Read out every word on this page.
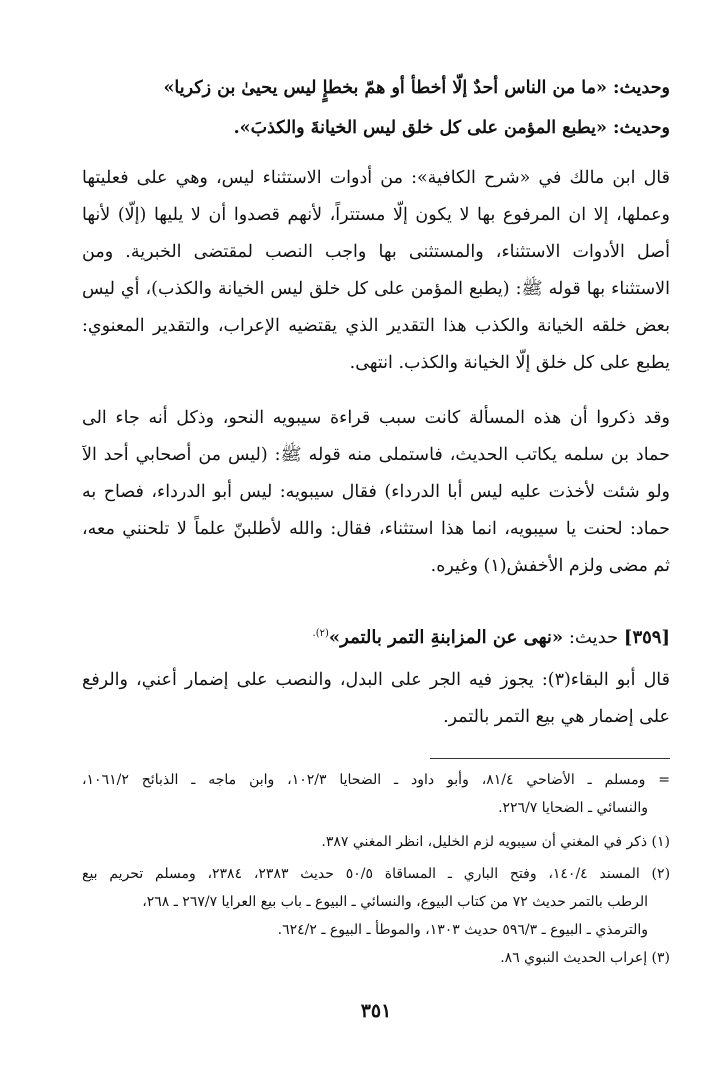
وحديث: «ما من الناس أحدٌ إلّا أخطأ أو همّ بخطإٍ ليس يحيىٰ بن زكريا»
وحديث: «يطبع المؤمن على كل خلق ليس الخيانةَ والكذبَ».
قال ابن مالك في «شرح الكافية»: من أدوات الاستثناء ليس، وهي على فعليتها
وعملها، إلا ان المرفوع بها لا يكون إلّا مستتراً، لأنهم قصدوا أن لا يليها (إلّا) لأنها
أصل الأدوات الاستثناء، والمستثنى بها واجب النصب لمقتضى الخبرية. ومن
الاستثناء بها قوله ﷺ: (يطبع المؤمن على كل خلق ليس الخيانة والكذب)، أي ليس
بعض خلقه الخيانة والكذب هذا التقدير الذي يقتضيه الإعراب، والتقدير المعنوي:
يطبع على كل خلق إلّا الخيانة والكذب. انتهى.
وقد ذكروا أن هذه المسألة كانت سبب قراءة سيبويه النحو، وذكل أنه جاء الى
حماد بن سلمه يكاتب الحديث، فاستملى منه قوله ﷺ: (ليس من أصحابي أحد الآ
ولو شئت لأخذت عليه ليس أبا الدرداء) فقال سيبويه: ليس أبو الدرداء، فصاح به
حماد: لحنت يا سيبويه، انما هذا استثناء، فقال: والله لأطلبنّ علماً لا تلحنني معه،
ثم مضى ولزم الأخفش(١) وغيره.
[٣٥٩] حديث: «نهى عن المزابنةِ التمر بالتمر»$^{(٢).}$
قال أبو البقاء(٣): يجوز فيه الجر على البدل، والنصب على إضمار أعني، والرفع
على إضمار هي بيع التمر بالتمر.
= ومسلم ـ الأضاحي ٨١/٤، وأبو داود ـ الضحايا ١٠٢/٣، وابن ماجه ـ الذبائح ١٠٦١/٢،
والنسائي ـ الضحايا ٢٢٦/٧.
(١) ذكر في المغني أن سيبويه لزم الخليل، انظر المغني ٣٨٧.
(٢) المسند ١٤٠/٤، وفتح الباري ـ المساقاة ٥٠/٥ حديث ٢٣٨٣، ٢٣٨٤، ومسلم تحريم بيع
الرطب بالتمر حديث ٧٢ من كتاب البيوع، والنسائي ـ البيوع ـ باب بيع العرايا ٢٦٧/٧ ـ ٢٦٨،
والترمذي ـ البيوع ـ ٥٩٦/٣ حديث ١٣٠٣، والموطأ ـ البيوع ـ ٦٢٤/٢.
(٣) إعراب الحديث النبوي ٨٦.
٣٥١
